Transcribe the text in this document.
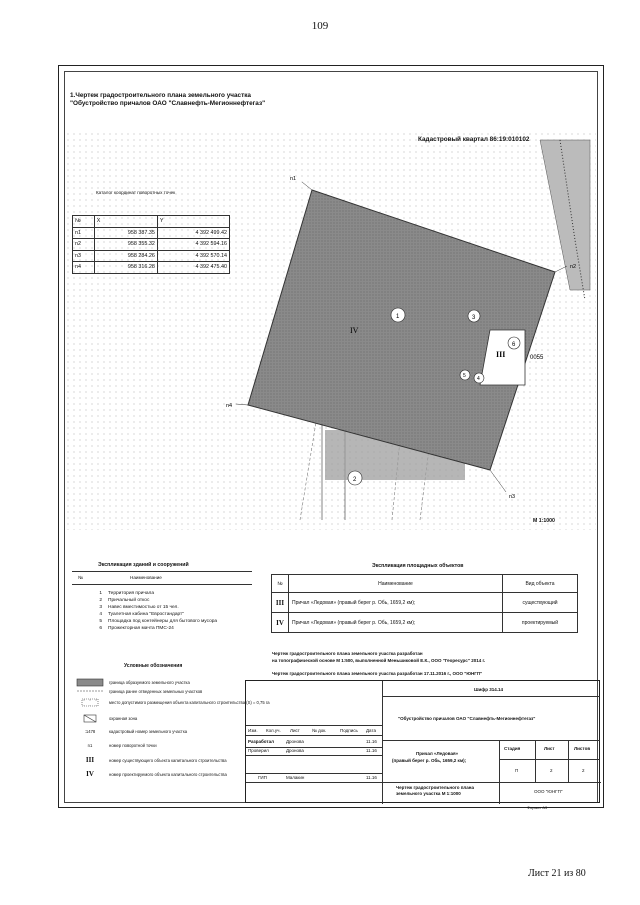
109
1.Чертеж градостроительного плана земельного участка
"Обустройство причалов ОАО "Славнефть-Мегионнефтегаз"
n1
n2
n3
n4
IV
III	0055
1
2
3
4
5
6
Кадастровый квартал 86:19:010102
Каталог координат поворотных точек
№	X	Y
n1	958 387.35	4 392 499.42
n2	958 355.32	4 392 594.16
n3	958 284.26	4 392 570.14
n4	958 316.28	4 392 475.40
М 1:1000
Экспликация зданий и сооружений
№	Наименование
1	Территория причала
2	Причальный откос
3	Навес вместимостью от 15 чел.
4	Туалетная кабина "Евростандарт"
5	Площадка под контейнеры для бытового мусора
6	Прожекторная мачта ПМС-24
Экспликация площадных объектов
№	Наименование	Вид объекта
III	Причал «Ледовая» (правый берег р. Обь, 1659,2 км);	существующий
IV	Причал «Ледовая» (правый берег р. Обь, 1659,2 км);	проектируемый
Чертеж градостроительного плана земельного участка разработан
на топографической основе М 1:500, выполненной Меньшиковой Е.К., ООО "Георесурс" 2014 г.
Чертеж градостроительного плана земельного участка разработан 17.11.2016 г., ООО "ЮНГП"
Условные обозначения
граница образуемого земельного участка
граница ранее отведенных земельных участков
место допустимого размещения объекта капитального строительства (S) = 0,75 га
охранная зона
:1478	кадастровый номер земельного участка
n1	номер поворотной точки
III	номер существующего объекта капитального строительства
IV	номер проектируемого объекта капитального строительства
Шифр 314.14
"Обустройство причалов ОАО "Славнефть-Мегионнефтегаз"
Изм. Кол.уч. Лист	№ док.	Подпись Дата
Разработал	Дронова	11.16
Проверил	Дронова	11.16
ГИП	Малакин	11.16
Причал «Ледовая»
(правый берег р. Обь, 1659,2 км);
Стадия	Лист	Листов
П	2	2
Чертеж градостроительного плана
земельного участка М 1:1000	ООО "ЮНГП"
Формат А3
Лист 21 из 80
